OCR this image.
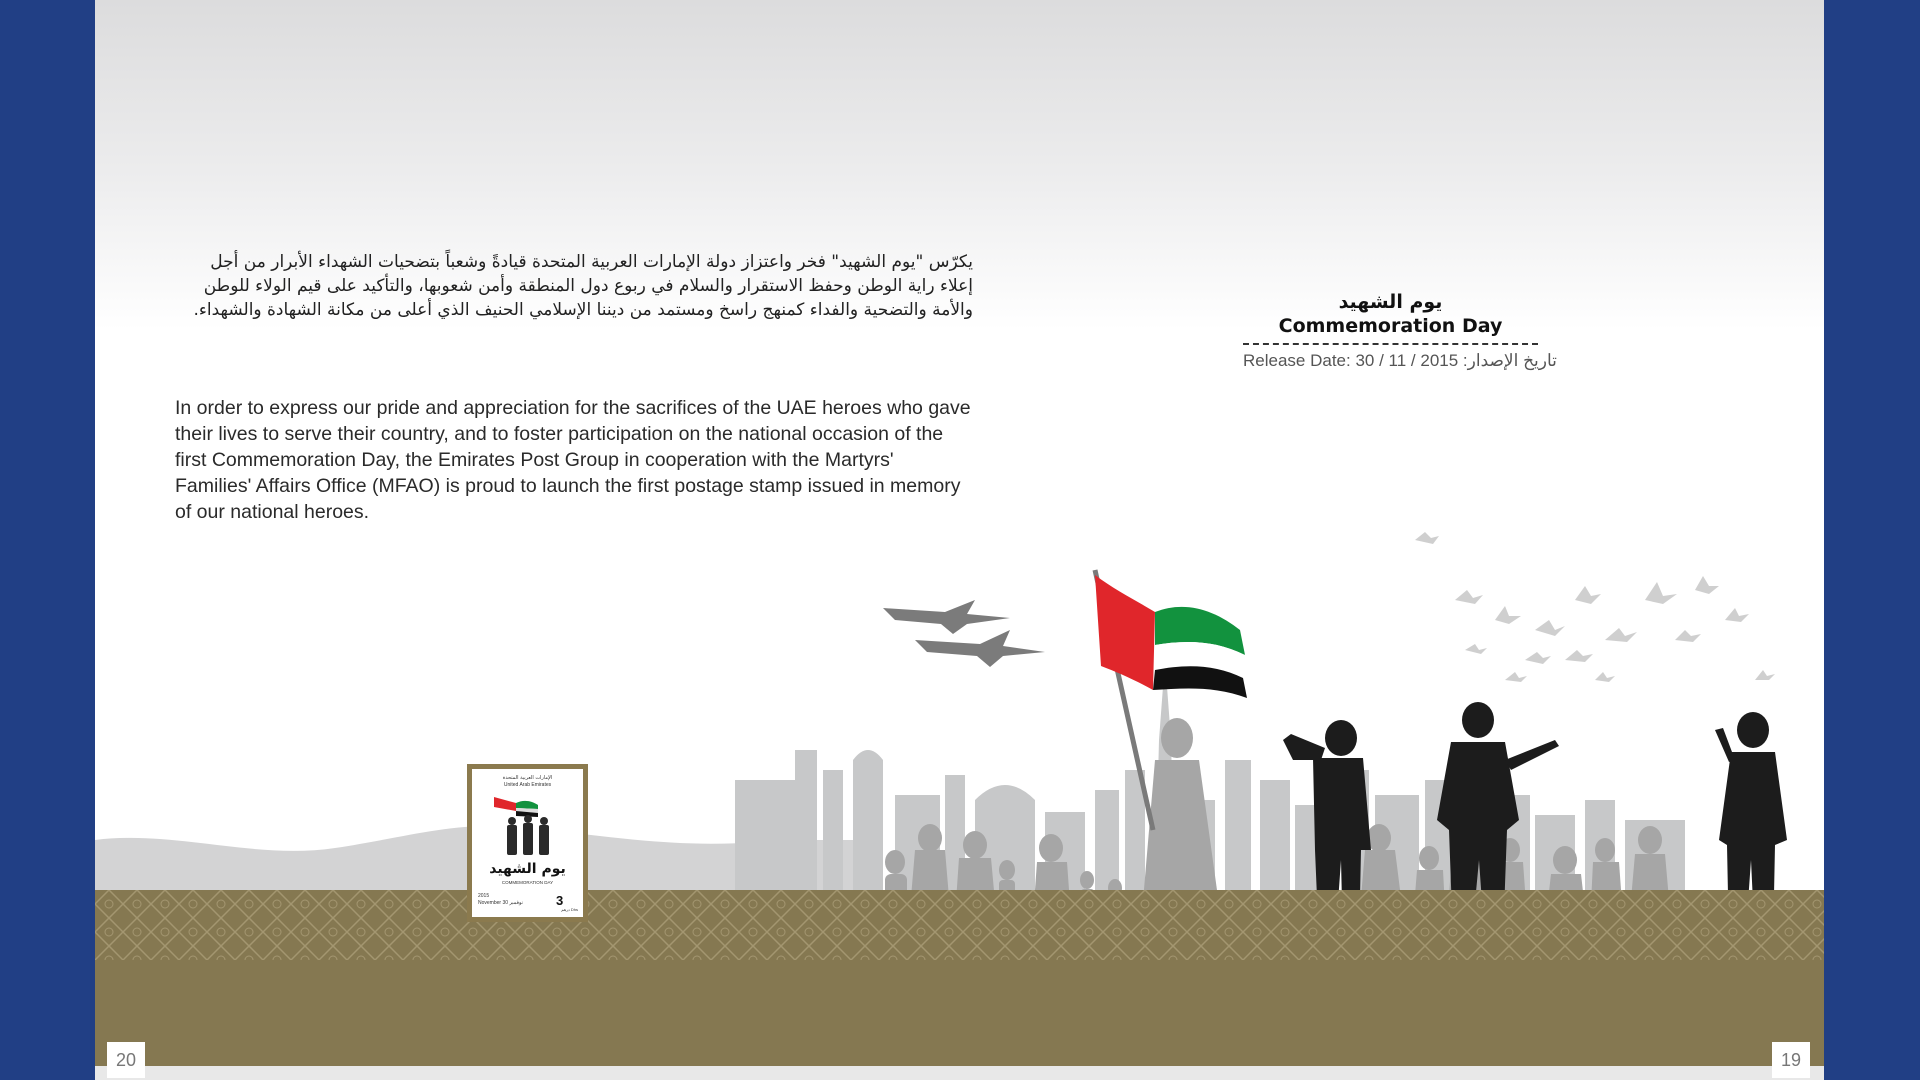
يكرّس "يوم الشهيد" فخر واعتزاز دولة الإمارات العربية المتحدة قيادةً وشعباً بتضحيات الشهداء الأبرار من أجل إعلاء راية الوطن وحفظ الاستقرار والسلام في ربوع دول المنطقة وأمن شعوبها، والتأكيد على قيم الولاء للوطن والأمة والتضحية والفداء كمنهج راسخ ومستمد من ديننا الإسلامي الحنيف الذي أعلى من مكانة الشهادة والشهداء.
In order to express our pride and appreciation for the sacrifices of the UAE heroes who gave their lives to serve their country, and to foster participation on the national occasion of the first Commemoration Day, the Emirates Post Group in cooperation with the Martyrs' Families' Affairs Office (MFAO) is proud to launch the first postage stamp issued in memory of our national heroes.
الإمارات العربية المتحدة
United Arab Emirates
يوم الشهيد
COMMEMORATION DAY
2015
November 30 نوفمبر	3
درهم Dhs
20
يوم الشهيد
Commemoration Day
Release Date: 30 / 11 / 2015 تاريخ الإصدار:
19
